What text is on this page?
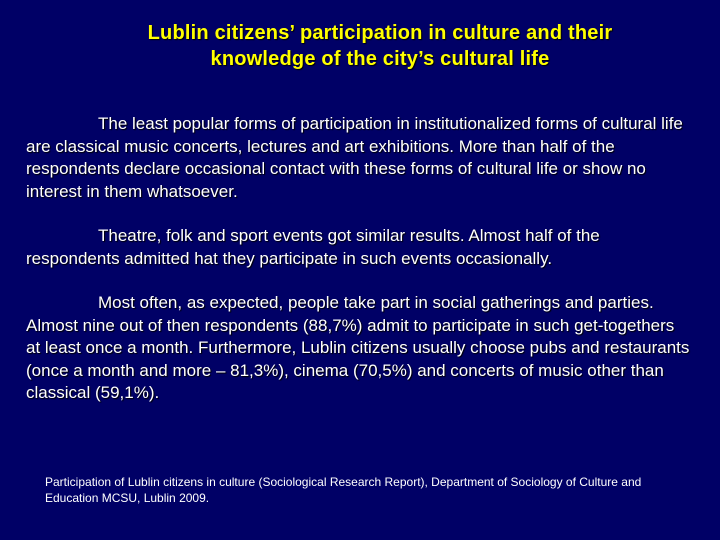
Lublin citizens’ participation in culture and their
knowledge of the city’s cultural life

The least popular forms of participation in institutionalized forms of cultural life are classical music concerts, lectures and art exhibitions. More than half of the respondents declare occasional contact with these forms of cultural life or show no interest in them whatsoever.

Theatre, folk and sport events got similar results. Almost half of the respondents admitted hat they participate in such events occasionally.

Most often, as expected, people take part in social gatherings and parties. Almost nine out of then respondents (88,7%) admit to participate in such get-togethers at least once a month. Furthermore, Lublin citizens usually choose pubs and restaurants (once a month and more – 81,3%), cinema (70,5%) and concerts of music other than classical (59,1%).

Participation of Lublin citizens in culture (Sociological Research Report), Department of Sociology of Culture and Education MCSU, Lublin 2009.	5
